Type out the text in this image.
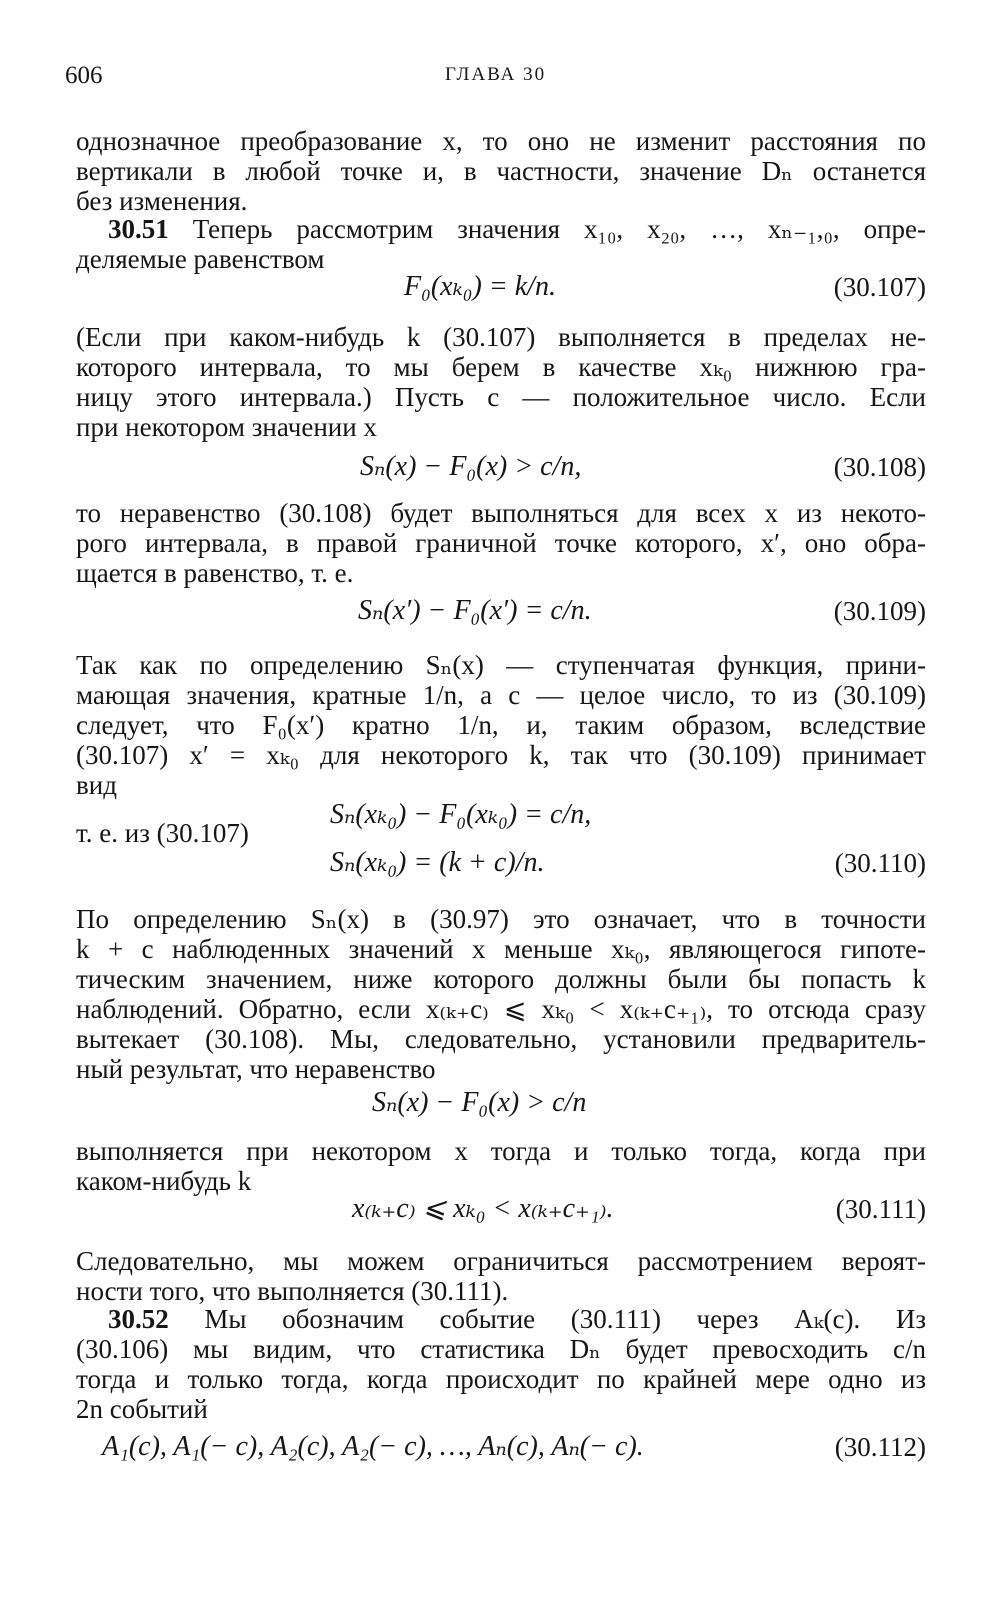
606	ГЛАВА 30
однозначное преобразование x, то оно не изменит расстояния по
вертикали в любой точке и, в частности, значение Dₙ останется
без изменения.
30.51 Теперь рассмотрим значения x₁₀, x₂₀, …, xₙ₋₁,₀, опре-
деляемые равенством
(Если при каком-нибудь k (30.107) выполняется в пределах не-
которого интервала, то мы берем в качестве xₖ₀ нижнюю гра-
ницу этого интервала.) Пусть c — положительное число. Если
при некотором значении x
то неравенство (30.108) будет выполняться для всех x из некото-
рого интервала, в правой граничной точке которого, x′, оно обра-
щается в равенство, т. е.
Так как по определению Sₙ(x) — ступенчатая функция, прини-
мающая значения, кратные 1/n, а c — целое число, то из (30.109)
следует, что F₀(x′) кратно 1/n, и, таким образом, вследствие
(30.107) x′ = xₖ₀ для некоторого k, так что (30.109) принимает
вид
По определению Sₙ(x) в (30.97) это означает, что в точности
k + c наблюденных значений x меньше xₖ₀, являющегося гипоте-
тическим значением, ниже которого должны были бы попасть k
наблюдений. Обратно, если x₍ₖ₊c₎ ⩽ xₖ₀ < x₍ₖ₊c₊₁₎, то отсюда сразу
вытекает (30.108). Мы, следовательно, установили предваритель-
ный результат, что неравенство
выполняется при некотором x тогда и только тогда, когда при
каком-нибудь k
Следовательно, мы можем ограничиться рассмотрением вероят-
ности того, что выполняется (30.111).
30.52 Мы обозначим событие (30.111) через Aₖ(c). Из
(30.106) мы видим, что статистика Dₙ будет превосходить c/n
тогда и только тогда, когда происходит по крайней мере одно из
2n событий
F₀(xₖ₀) = k/n.	(30.107)
Sₙ(x) − F₀(x) > c/n,	(30.108)
Sₙ(x′) − F₀(x′) = c/n.	(30.109)
Sₙ(xₖ₀) − F₀(xₖ₀) = c/n,
Sₙ(xₖ₀) = (k + c)/n.	(30.110)
Sₙ(x) − F₀(x) > c/n
x₍ₖ₊c₎ ⩽ xₖ₀ < x₍ₖ₊c₊₁₎.	(30.111)
A₁(c), A₁(− c), A₂(c), A₂(− c), …, Aₙ(c), Aₙ(− c).	(30.112)
т. е. из (30.107)
